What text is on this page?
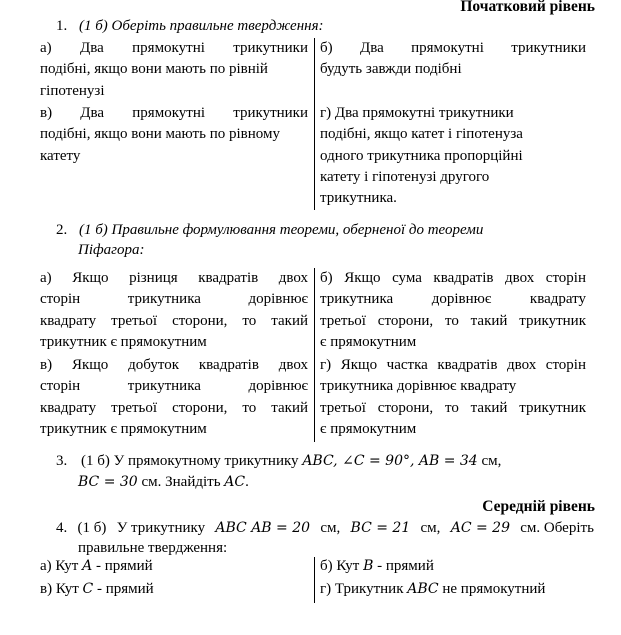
Початковий рівень
1. (1 б) Оберіть правильне твердження:
а) Два прямокутні трикутники
подібні, якщо вони мають по рівній
гіпотенузі
б) Два прямокутні трикутники
будуть завжди подібні
в) Два прямокутні трикутники
подібні, якщо вони мають по рівному
катету
г) Два прямокутні трикутники
подібні, якщо катет і гіпотенуза
одного трикутника пропорційні
катету і гіпотенузі другого
трикутника.
2. (1 б) Правильне формулювання теореми, оберненої до теореми
Піфагора:
а) Якщо різниця квадратів двох
сторін трикутника дорівнює
квадрату третьої сторони, то такий
трикутник є прямокутним
б) Якщо сума квадратів двох сторін
трикутника дорівнює квадрату
третьої сторони, то такий трикутник
є прямокутним
в) Якщо добуток квадратів двох
сторін трикутника дорівнює
квадрату третьої сторони, то такий
трикутник є прямокутним
г) Якщо частка квадратів двох сторін
трикутника дорівнює квадрату
третьої сторони, то такий трикутник
є прямокутним
3. (1 б) У прямокутному трикутнику ABC, ∠C = 90°, AB = 34 см,
BC = 30 см. Знайдіть AC.
Середній рівень
4. (1 б) У трикутнику ABC AB = 20 см, BC = 21 см, AC = 29 см. Оберіть
правильне твердження:
а) Кут A - прямий	б) Кут B - прямий
в) Кут C - прямий	г) Трикутник ABC не прямокутний
